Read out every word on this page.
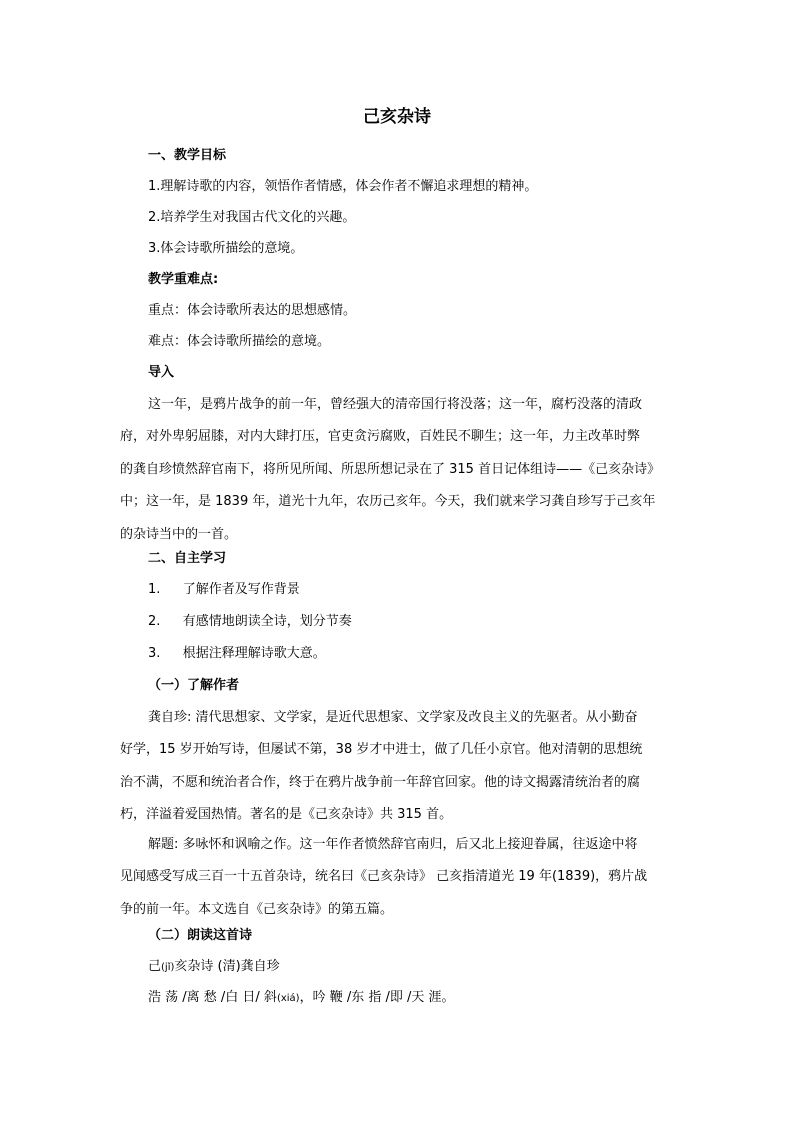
己亥杂诗
一、教学目标
1.理解诗歌的内容，领悟作者情感，体会作者不懈追求理想的精神。
2.培养学生对我国古代文化的兴趣。
3.体会诗歌所描绘的意境。
教学重难点:
重点：体会诗歌所表达的思想感情。
难点：体会诗歌所描绘的意境。
导入
这一年，是鸦片战争的前一年，曾经强大的清帝国行将没落；这一年，腐朽没落的清政
府，对外卑躬屈膝，对内大肆打压，官吏贪污腐败，百姓民不聊生；这一年，力主改革时弊
的龚自珍愤然辞官南下，将所见所闻、所思所想记录在了 315 首日记体组诗——《己亥杂诗》
中；这一年，是 1839 年，道光十九年，农历己亥年。今天，我们就来学习龚自珍写于己亥年
的杂诗当中的一首。
二、自主学习
1. 了解作者及写作背景
2. 有感情地朗读全诗，划分节奏
3. 根据注释理解诗歌大意。
（一）了解作者
龚自珍: 清代思想家、文学家，是近代思想家、文学家及改良主义的先驱者。从小勤奋
好学，15 岁开始写诗，但屡试不第，38 岁才中进士，做了几任小京官。他对清朝的思想统
治不满，不愿和统治者合作，终于在鸦片战争前一年辞官回家。他的诗文揭露清统治者的腐
朽，洋溢着爱国热情。著名的是《己亥杂诗》共 315 首。
解题: 多咏怀和讽喻之作。这一年作者愤然辞官南归，后又北上接迎眷属，往返途中将
见闻感受写成三百一十五首杂诗，统名曰《己亥杂诗》 己亥指清道光 19 年(1839)，鸦片战
争的前一年。本文选自《己亥杂诗》的第五篇。
（二）朗读这首诗
己(jǐ)亥杂诗 (清)龚自珍
浩 荡 /离 愁 /白 日/ 斜(xiá)，吟 鞭 /东 指 /即 /天 涯。
